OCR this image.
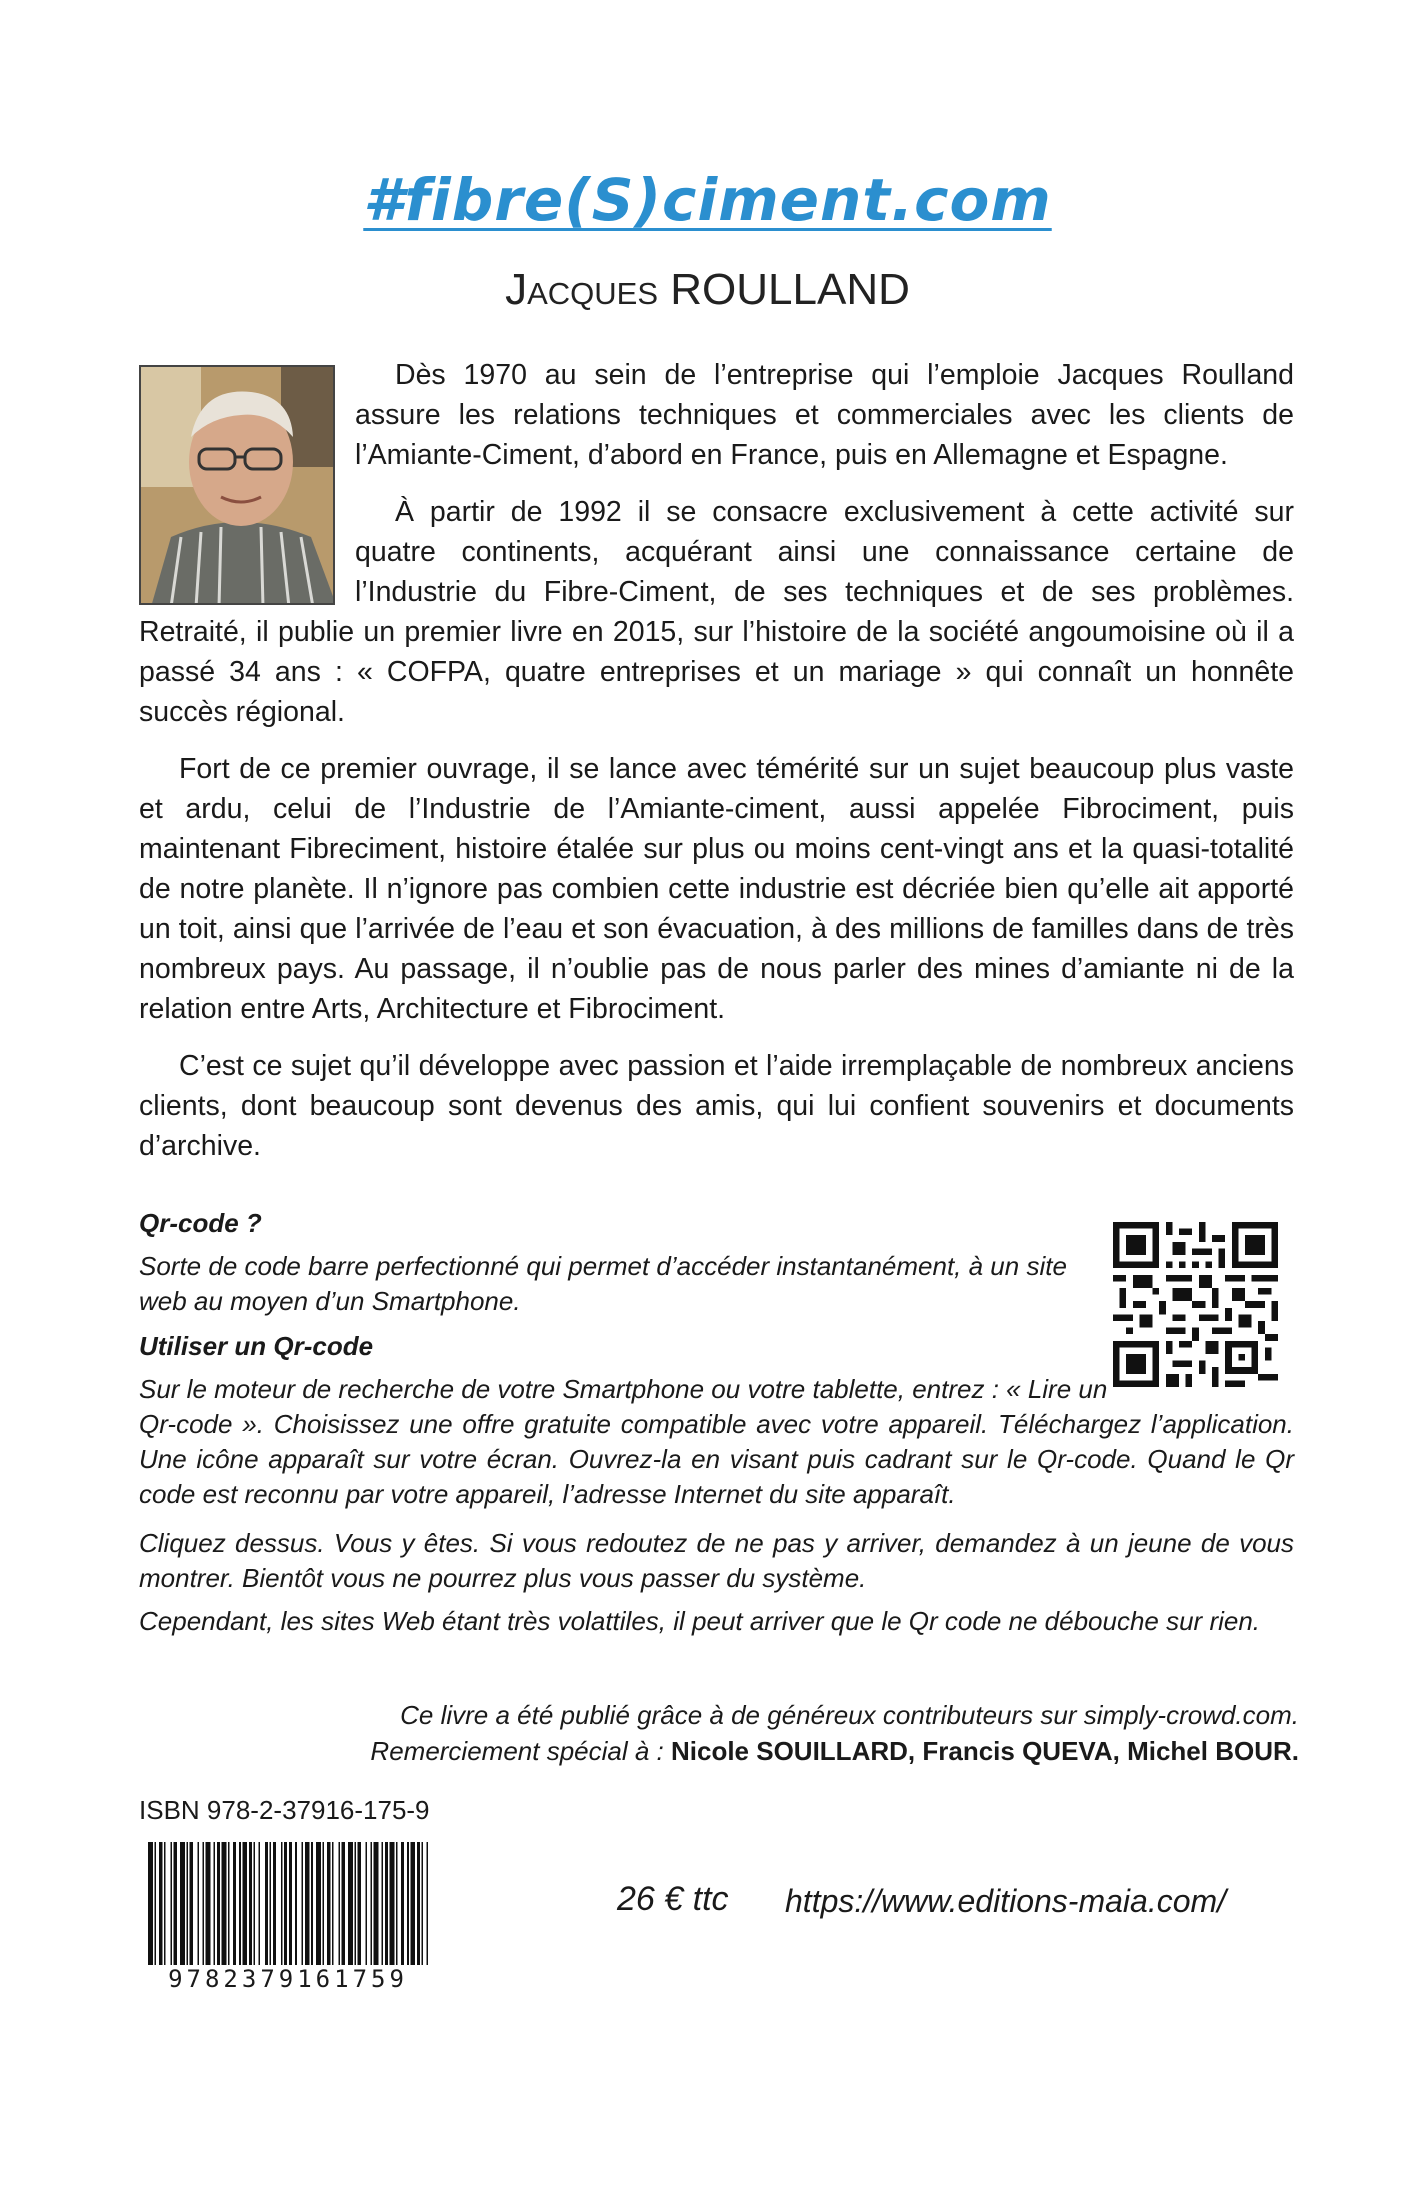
#fibre(S)ciment.com
Jacques ROULLAND

Dès 1970 au sein de l’entreprise qui l’emploie Jacques Roulland assure les relations techniques et commerciales avec les clients de l’Amiante-Ciment, d’abord en France, puis en Allemagne et Espagne.

À partir de 1992 il se consacre exclusivement à cette activité sur quatre continents, acquérant ainsi une connaissance certaine de l’Industrie du Fibre-Ciment, de ses techniques et de ses problèmes. Retraité, il publie un premier livre en 2015, sur l’histoire de la société angoumoisine où il a passé 34 ans : « COFPA, quatre entreprises et un mariage » qui connaît un honnête succès régional.

Fort de ce premier ouvrage, il se lance avec témérité sur un sujet beaucoup plus vaste et ardu, celui de l’Industrie de l’Amiante-ciment, aussi appelée Fibrociment, puis maintenant Fibreciment, histoire étalée sur plus ou moins cent-vingt ans et la quasi-totalité de notre planète. Il n’ignore pas combien cette industrie est décriée bien qu’elle ait apporté un toit, ainsi que l’arrivée de l’eau et son évacuation, à des millions de familles dans de très nombreux pays. Au passage, il n’oublie pas de nous parler des mines d’amiante ni de la relation entre Arts, Architecture et Fibrociment.

C’est ce sujet qu’il développe avec passion et l’aide irremplaçable de nombreux anciens clients, dont beaucoup sont devenus des amis, qui lui confient souvenirs et documents d’archive.

Qr-code ?

Sorte de code barre perfectionné qui permet d’accéder instantanément, à un site web au moyen d’un Smartphone.

Utiliser un Qr-code

Sur le moteur de recherche de votre Smartphone ou votre tablette, entrez : « Lire un

Qr-code ». Choisissez une offre gratuite compatible avec votre appareil. Téléchargez l’application. Une icône apparaît sur votre écran. Ouvrez-la en visant puis cadrant sur le Qr-code. Quand le Qr code est reconnu par votre appareil, l’adresse Internet du site apparaît.

Cliquez dessus. Vous y êtes. Si vous redoutez de ne pas y arriver, demandez à un jeune de vous montrer. Bientôt vous ne pourrez plus vous passer du système.

Cependant, les sites Web étant très volattiles, il peut arriver que le Qr code ne débouche sur rien.

Ce livre a été publié grâce à de généreux contributeurs sur simply-crowd.com.
Remerciement spécial à : Nicole SOUILLARD, Francis QUEVA, Michel BOUR.
ISBN 978-2-37916-175-9
9782379161759
26 € ttc https://www.editions-maia.com/
